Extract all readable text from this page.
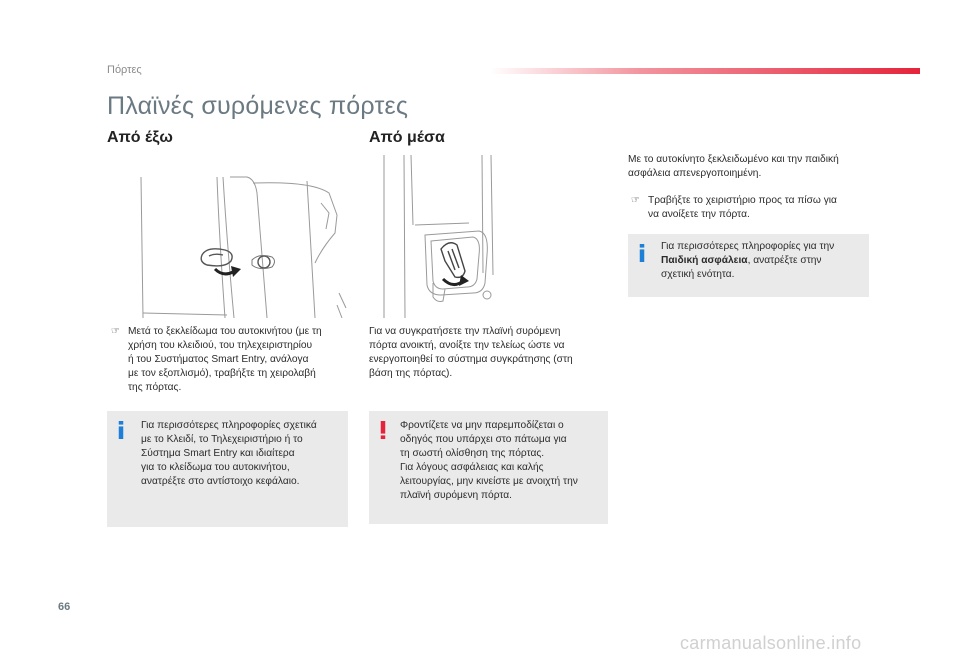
Πόρτες
Πλαϊνές συρόμενες πόρτες
Από έξω
☞ Μετά το ξεκλείδωμα του αυτοκινήτου (με τη
χρήση του κλειδιού, του τηλεχειριστηρίου
ή του Συστήματος Smart Entry, ανάλογα
με τον εξοπλισμό), τραβήξτε τη χειρολαβή
της πόρτας.
Για περισσότερες πληροφορίες σχετικά
με το Κλειδί, το Τηλεχειριστήριο ή το
Σύστημα Smart Entry και ιδιαίτερα
για το κλείδωμα του αυτοκινήτου,
ανατρέξτε στο αντίστοιχο κεφάλαιο.
Από μέσα
Για να συγκρατήσετε την πλαϊνή συρόμενη
πόρτα ανοικτή, ανοίξτε την τελείως ώστε να
ενεργοποιηθεί το σύστημα συγκράτησης (στη
βάση της πόρτας).
Φροντίζετε να μην παρεμποδίζεται ο
οδηγός που υπάρχει στο πάτωμα για
τη σωστή ολίσθηση της πόρτας.
Για λόγους ασφάλειας και καλής
λειτουργίας, μην κινείστε με ανοιχτή την
πλαϊνή συρόμενη πόρτα.
Με το αυτοκίνητο ξεκλειδωμένο και την παιδική
ασφάλεια απενεργοποιημένη.
☞ Τραβήξτε το χειριστήριο προς τα πίσω για
να ανοίξετε την πόρτα.
Για περισσότερες πληροφορίες για την
Παιδική ασφάλεια, ανατρέξτε στην
σχετική ενότητα.
66
carmanualsonline.info
